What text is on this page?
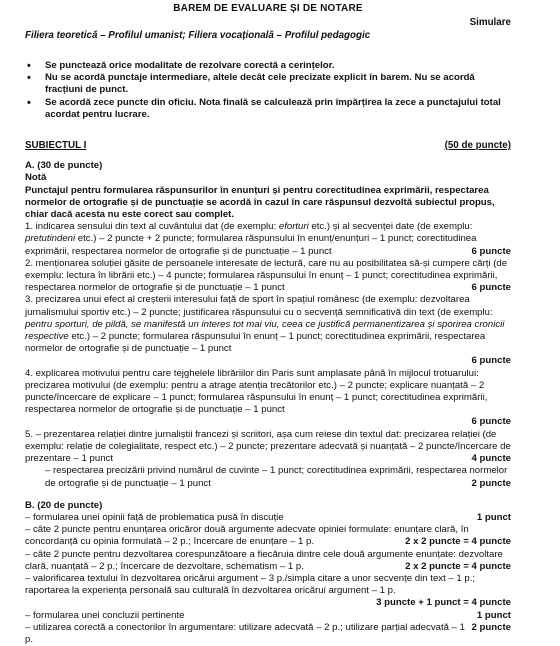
BAREM DE EVALUARE ȘI DE NOTARE
Simulare
Filiera teoretică – Profilul umanist; Filiera vocațională – Profilul pedagogic
• Se punctează orice modalitate de rezolvare corectă a cerințelor.
• Nu se acordă punctaje intermediare, altele decât cele precizate explicit în barem. Nu se acordă fracțiuni de punct.
• Se acordă zece puncte din oficiu. Nota finală se calculează prin împărțirea la zece a punctajului total acordat pentru lucrare.
SUBIECTUL I	(50 de puncte)
A. (30 de puncte)
Notă
Punctajul pentru formularea răspunsurilor în enunțuri și pentru corectitudinea exprimării, respectarea normelor de ortografie și de punctuație se acordă în cazul în care răspunsul dezvoltă subiectul propus, chiar dacă acesta nu este corect sau complet.
1. indicarea sensului din text al cuvântului dat (de exemplu: eforturi etc.) și al secvenței date (de exemplu: pretutindeni etc.) – 2 puncte + 2 puncte; formularea răspunsului în enunț/enunțuri – 1 punct; corectitudinea exprimării, respectarea normelor de ortografie și de punctuație – 1 punct	6 puncte
2. menționarea soluției găsite de persoanele interesate de lectură, care nu au posibilitatea să-și cumpere cărți (de exemplu: lectura în librării etc.) – 4 puncte; formularea răspunsului în enunț – 1 punct; corectitudinea exprimării, respectarea normelor de ortografie și de punctuație – 1 punct	6 puncte
3. precizarea unui efect al creșterii interesului față de sport în spațiul românesc (de exemplu: dezvoltarea jurnalismului sportiv etc.) – 2 puncte; justificarea răspunsului cu o secvență semnificativă din text (de exemplu: pentru sporturi, de pildă, se manifestă un interes tot mai viu, ceea ce justifică permanentizarea și sporirea cronicii respective etc.) – 2 puncte; formularea răspunsului în enunț – 1 punct; corectitudinea exprimării, respectarea normelor de ortografie și de punctuație – 1 punct
6 puncte
4. explicarea motivului pentru care tejghelele librăriilor din Paris sunt amplasate până în mijlocul trotuarului: precizarea motivului (de exemplu: pentru a atrage atenția trecătorilor etc.) – 2 puncte; explicare nuanțată – 2 puncte/încercare de explicare – 1 punct; formularea răspunsului în enunț – 1 punct; corectitudinea exprimării, respectarea normelor de ortografie și de punctuație – 1 punct
6 puncte
5. – prezentarea relației dintre jurnaliștii francezi și scriitori, așa cum reiese din textul dat: precizarea relației (de exemplu: relație de colegialitate, respect etc.) – 2 puncte; prezentare adecvată și nuanțată – 2 puncte/încercare de prezentare – 1 punct	4 puncte
– respectarea precizării privind numărul de cuvinte – 1 punct; corectitudinea exprimării, respectarea normelor de ortografie și de punctuație – 1 punct	2 puncte
B. (20 de puncte)
– formularea unei opinii față de problematica pusă în discuție	1 punct
– câte 2 puncte pentru enunțarea oricăror două argumente adecvate opiniei formulate: enunțare clară, în concordanță cu opinia formulată – 2 p.; încercare de enunțare – 1 p.	2 x 2 puncte = 4 puncte
– câte 2 puncte pentru dezvoltarea corespunzătoare a fiecăruia dintre cele două argumente enunțate: dezvoltare clară, nuanțată – 2 p.; încercare de dezvoltare, schematism – 1 p.	2 x 2 puncte = 4 puncte
– valorificarea textului în dezvoltarea oricărui argument – 3 p./simpla citare a unor secvențe din text – 1 p.; raportarea la experiența personală sau culturală în dezvoltarea oricărui argument – 1 p.
3 puncte + 1 punct = 4 puncte
– formularea unei concluzii pertinente	1 punct
– utilizarea corectă a conectorilor în argumentare: utilizare adecvată – 2 p.; utilizare parțial adecvată – 1 p.
2 puncte
